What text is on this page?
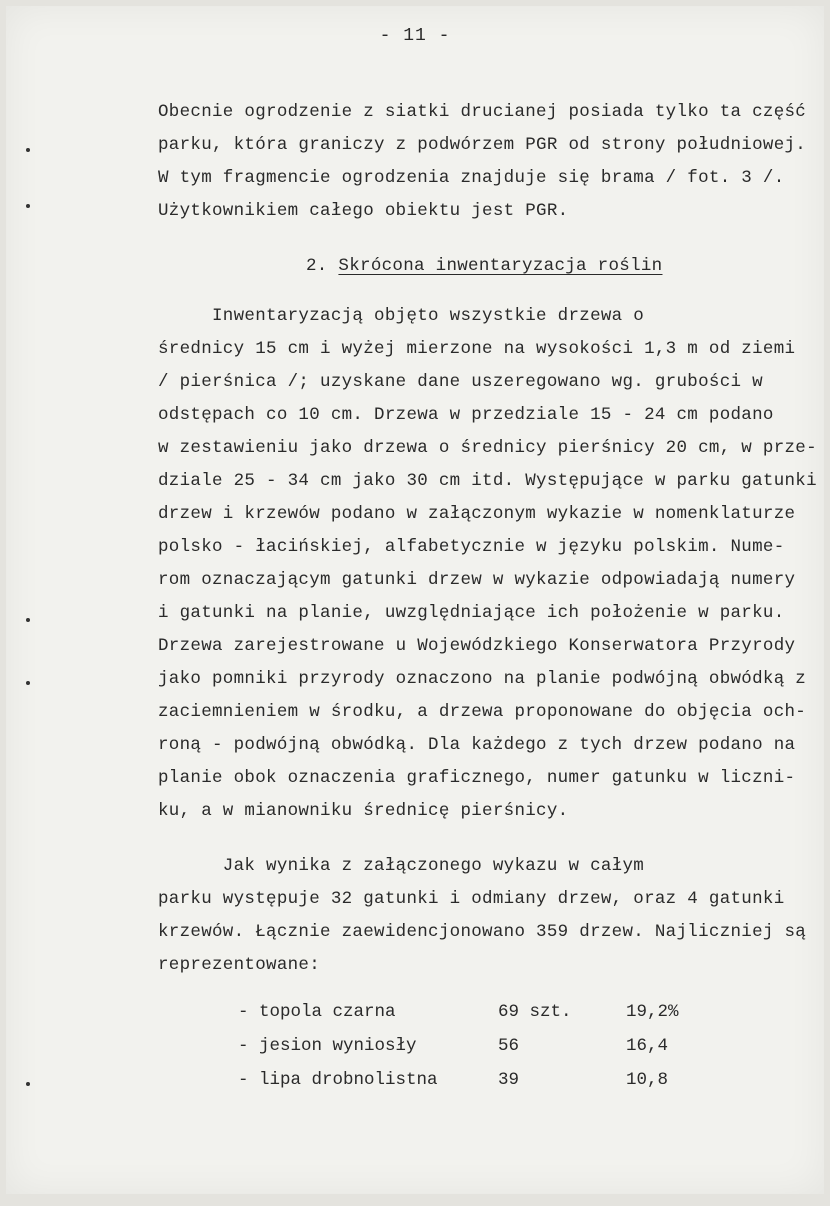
- 11 -
Obecnie ogrodzenie z siatki drucianej posiada tylko ta część
parku, która graniczy z podwórzem PGR od strony południowej.
W tym fragmencie ogrodzenia znajduje się brama / fot. 3 /.
Użytkownikiem całego obiektu jest PGR.
2. Skrócona inwentaryzacja roślin
Inwentaryzacją objęto wszystkie drzewa o
średnicy 15 cm i wyżej mierzone na wysokości 1,3 m od ziemi
/ pierśnica /; uzyskane dane uszeregowano wg. grubości w
odstępach co 10 cm. Drzewa w przedziale 15 - 24 cm podano
w zestawieniu jako drzewa o średnicy pierśnicy 20 cm, w prze-
dziale 25 - 34 cm jako 30 cm itd. Występujące w parku gatunki
drzew i krzewów podano w załączonym wykazie w nomenklaturze
polsko - łacińskiej, alfabetycznie w języku polskim. Nume-
rom oznaczającym gatunki drzew w wykazie odpowiadają numery
i gatunki na planie, uwzględniające ich położenie w parku.
Drzewa zarejestrowane u Wojewódzkiego Konserwatora Przyrody
jako pomniki przyrody oznaczono na planie podwójną obwódką z
zaciemnieniem w środku, a drzewa proponowane do objęcia och-
roną - podwójną obwódką. Dla każdego z tych drzew podano na
planie obok oznaczenia graficznego, numer gatunku w liczni-
ku, a w mianowniku średnicę pierśnicy.
Jak wynika z załączonego wykazu w całym
parku występuje 32 gatunki i odmiany drzew, oraz 4 gatunki
krzewów. Łącznie zaewidencjonowano 359 drzew. Najliczniej są
reprezentowane:
- topola czarna	69 szt.	19,2%
- jesion wyniosły	56	16,4
- lipa drobnolistna	39	10,8
